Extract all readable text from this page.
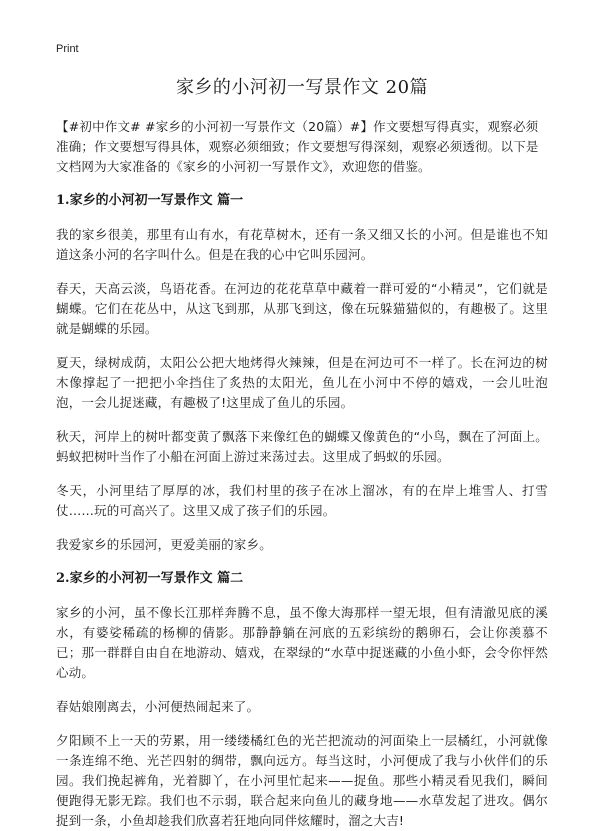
Print
家乡的小河初一写景作文 20篇

【#初中作文# #家乡的小河初一写景作文（20篇）#】作文要想写得真实，观察必须准确；作文要想写得具体，观察必须细致；作文要想写得深刻，观察必须透彻。以下是文档网为大家准备的《家乡的小河初一写景作文》，欢迎您的借鉴。

1.家乡的小河初一写景作文 篇一

我的家乡很美，那里有山有水，有花草树木，还有一条又细又长的小河。但是谁也不知道这条小河的名字叫什么。但是在我的心中它叫乐园河。

春天，天高云淡，鸟语花香。在河边的花花草草中藏着一群可爱的“小精灵”，它们就是蝴蝶。它们在花丛中，从这飞到那，从那飞到这，像在玩躲猫猫似的，有趣极了。这里就是蝴蝶的乐园。

夏天，绿树成荫，太阳公公把大地烤得火辣辣，但是在河边可不一样了。长在河边的树木像撑起了一把把小伞挡住了炙热的太阳光，鱼儿在小河中不停的嬉戏，一会儿吐泡泡，一会儿捉迷藏，有趣极了!这里成了鱼儿的乐园。

秋天，河岸上的树叶都变黄了飘落下来像红色的蝴蝶又像黄色的“小鸟，飘在了河面上。蚂蚁把树叶当作了小船在河面上游过来荡过去。这里成了蚂蚁的乐园。

冬天，小河里结了厚厚的冰，我们村里的孩子在冰上溜冰，有的在岸上堆雪人、打雪仗……玩的可高兴了。这里又成了孩子们的乐园。

我爱家乡的乐园河，更爱美丽的家乡。

2.家乡的小河初一写景作文 篇二

家乡的小河，虽不像长江那样奔腾不息，虽不像大海那样一望无垠，但有清澈见底的溪水，有婆娑稀疏的杨柳的倩影。那静静躺在河底的五彩缤纷的鹅卵石，会让你羡慕不已；那一群群自由自在地游动、嬉戏，在翠绿的“水草中捉迷藏的小鱼小虾，会令你怦然心动。

春姑娘刚离去，小河便热闹起来了。

夕阳顾不上一天的劳累，用一缕缕橘红色的光芒把流动的河面染上一层橘红，小河就像一条连绵不绝、光芒四射的绸带，飘向远方。每当这时，小河便成了我与小伙伴们的乐园。我们挽起裤角，光着脚丫，在小河里忙起来——捉鱼。那些小精灵看见我们，瞬间便跑得无影无踪。我们也不示弱，联合起来向鱼儿的藏身地——水草发起了进攻。偶尔捉到一条，小鱼却趁我们欣喜若狂地向同伴炫耀时，溜之大吉!
